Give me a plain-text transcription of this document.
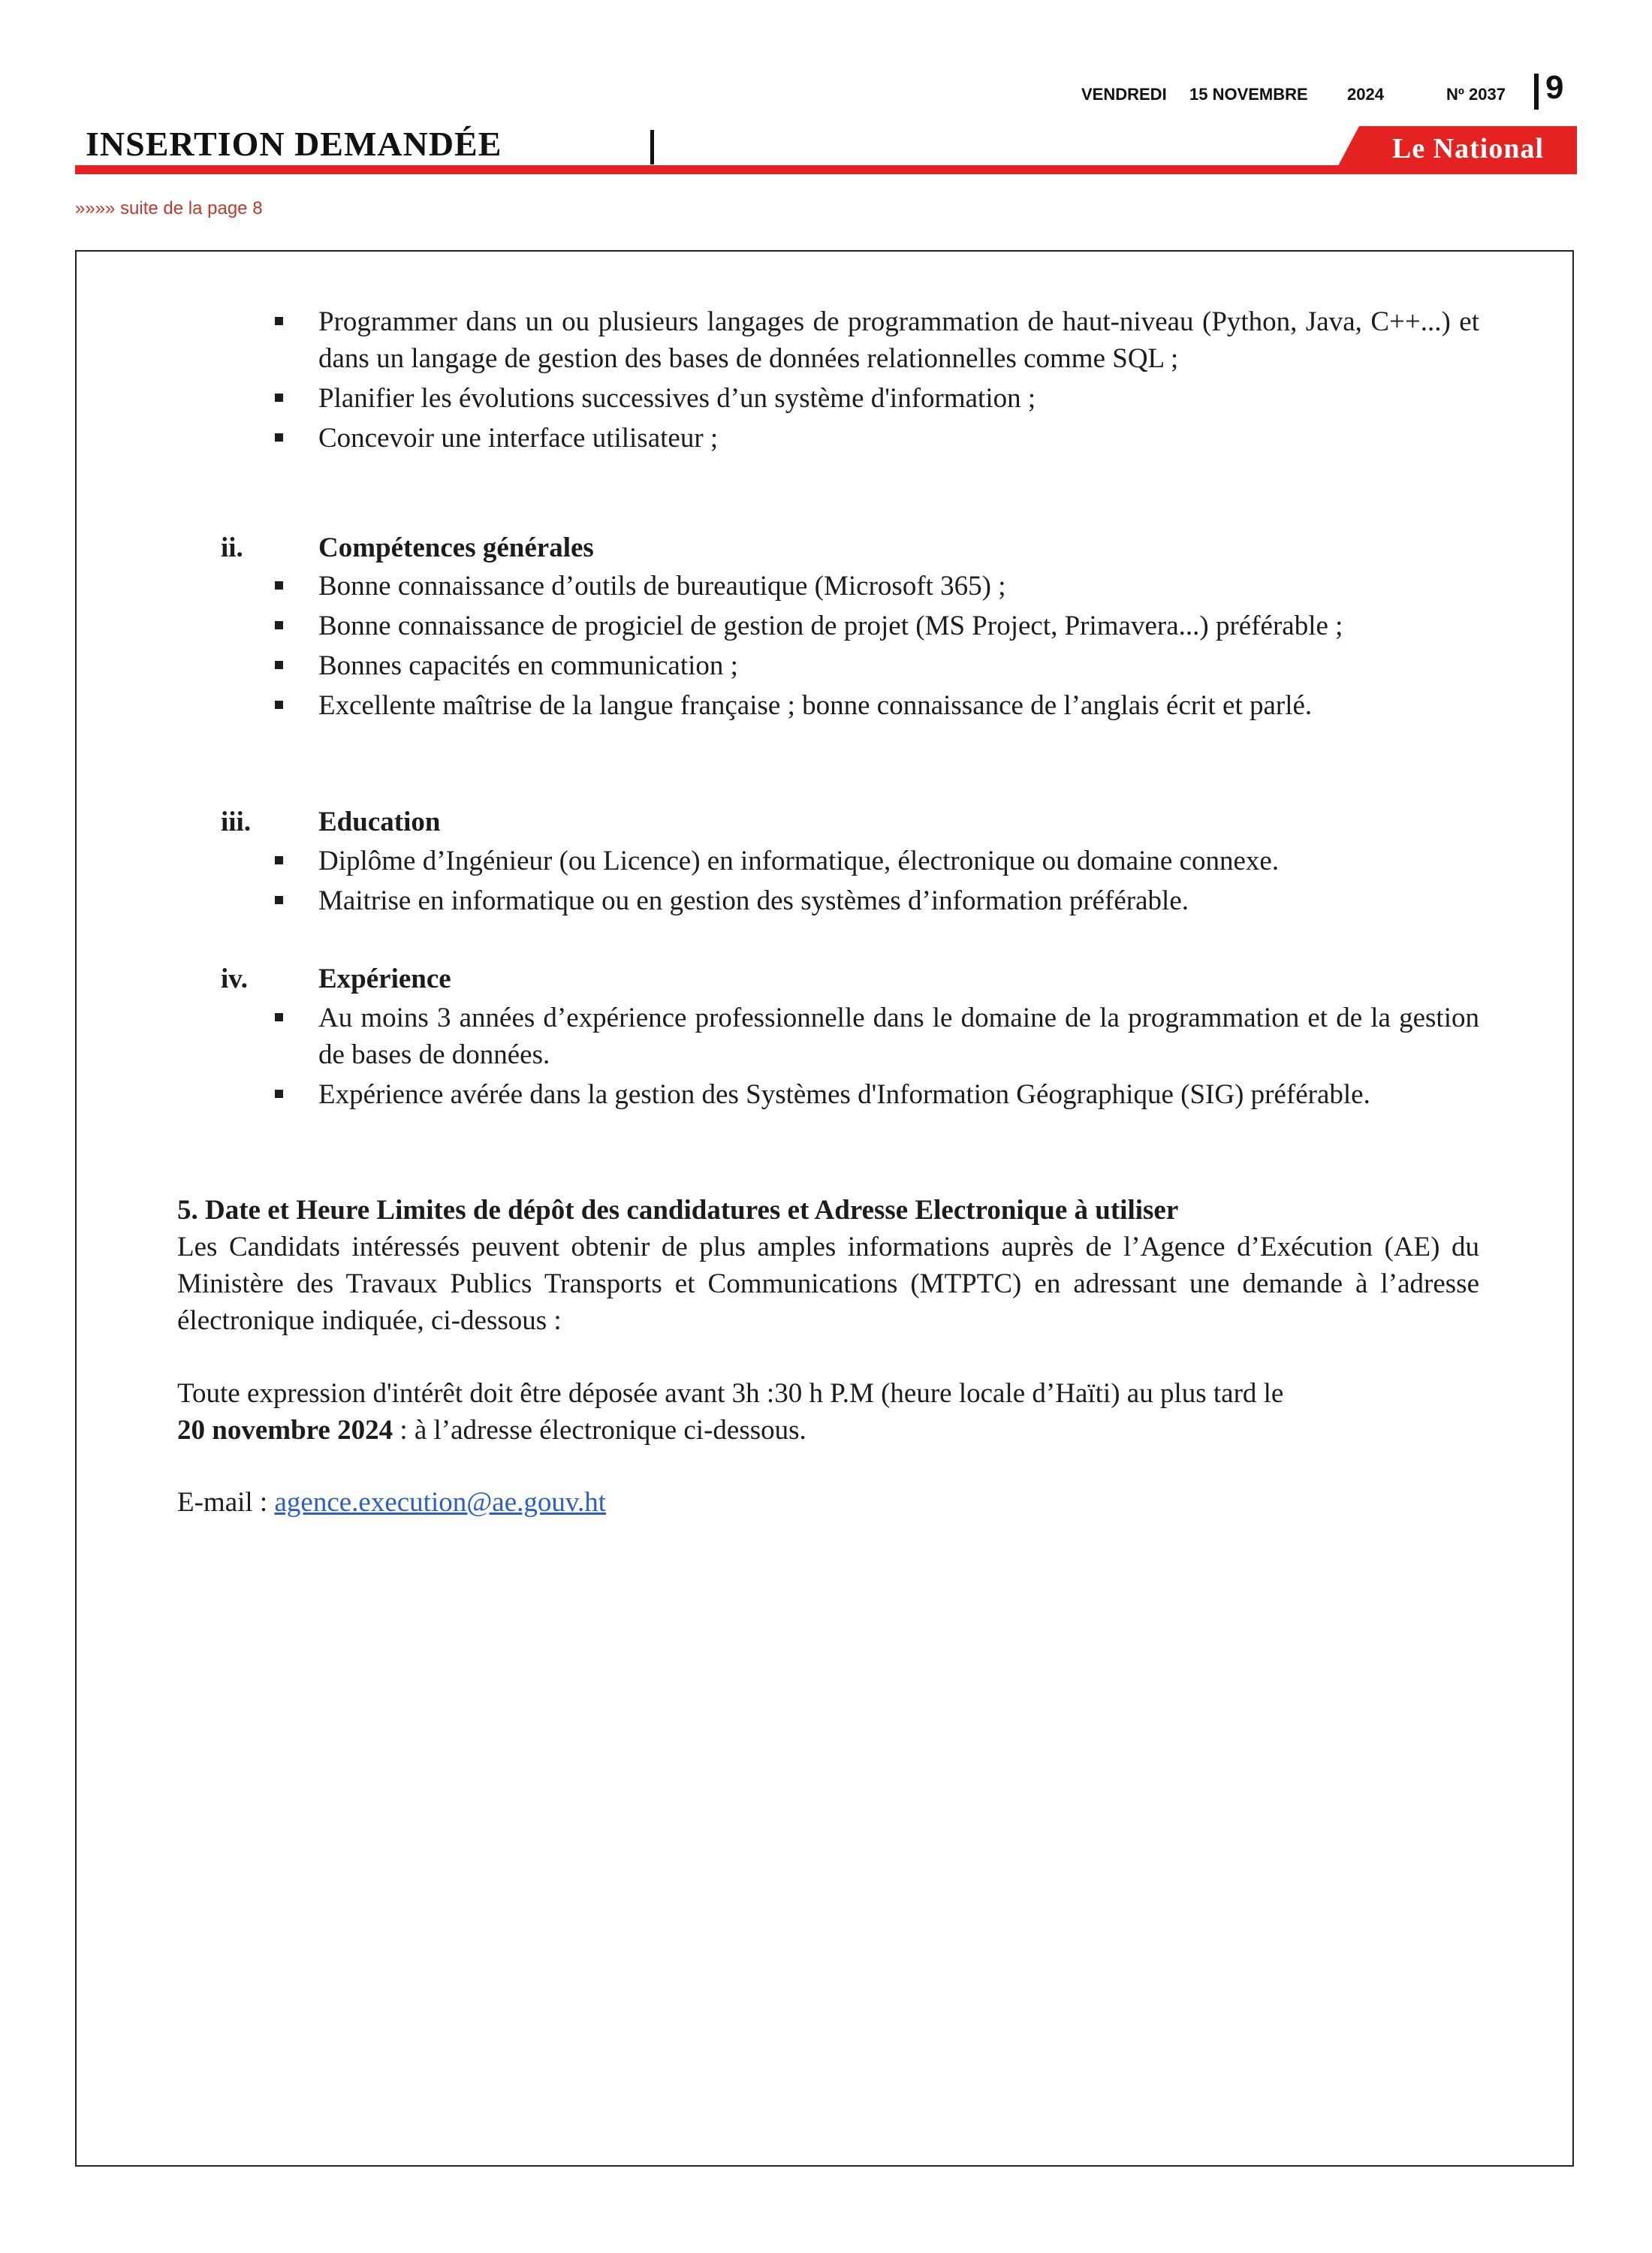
VENDREDI 15 NOVEMBRE 2024	Nº 2037 9
INSERTION DEMANDÉE	Le National
»»»» suite de la page 8
Programmer dans un ou plusieurs langages de programmation de haut-niveau (Python, Java, C++...) et dans un langage de gestion des bases de données relationnelles comme SQL ;
Planifier les évolutions successives d’un système d'information ;
Concevoir une interface utilisateur ;
ii.	Compétences générales
Bonne connaissance d’outils de bureautique (Microsoft 365) ;
Bonne connaissance de progiciel de gestion de projet (MS Project, Primavera...) préférable ;
Bonnes capacités en communication ;
Excellente maîtrise de la langue française ; bonne connaissance de l’anglais écrit et parlé.
iii.	Education
Diplôme d’Ingénieur (ou Licence) en informatique, électronique ou domaine connexe.
Maitrise en informatique ou en gestion des systèmes d’information préférable.
iv.	Expérience
Au moins 3 années d’expérience professionnelle dans le domaine de la programmation et de la gestion de bases de données.
Expérience avérée dans la gestion des Systèmes d'Information Géographique (SIG) préférable.
5. Date et Heure Limites de dépôt des candidatures et Adresse Electronique à utiliser
Les Candidats intéressés peuvent obtenir de plus amples informations auprès de l’Agence d’Exécution (AE) du Ministère des Travaux Publics Transports et Communications (MTPTC) en adressant une demande à l’adresse électronique indiquée, ci-dessous :
Toute expression d'intérêt doit être déposée avant 3h :30 h P.M (heure locale d’Haïti) au plus tard le
20 novembre 2024 : à l’adresse électronique ci-dessous.
E-mail : agence.execution@ae.gouv.ht
